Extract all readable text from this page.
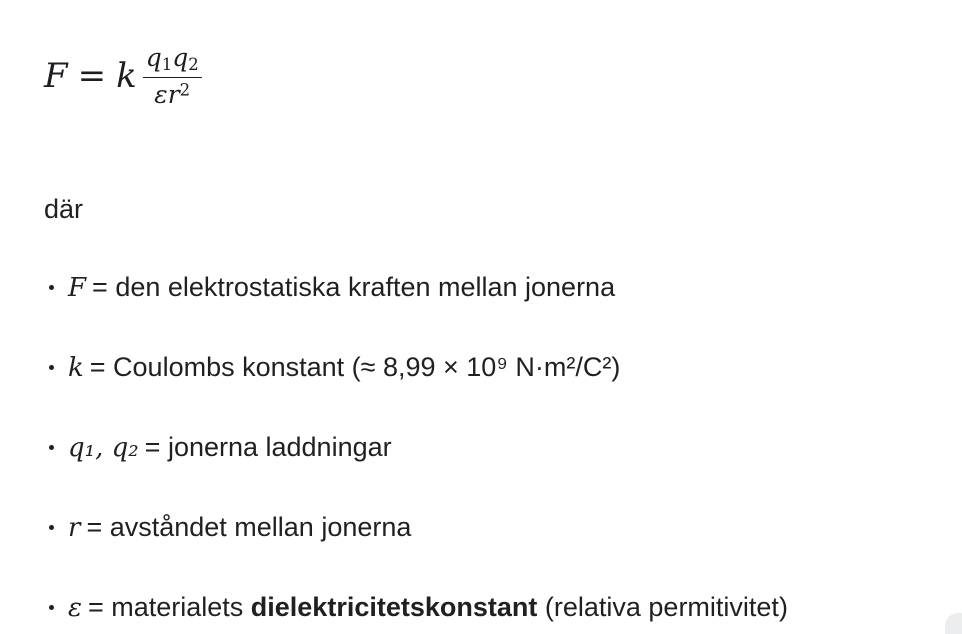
F = k $\frac{q_1q_2}{\varepsilon r^2}$

där

F = den elektrostatiska kraften mellan jonerna
k = Coulombs konstant (≈ 8,99 × 10⁹ N·m²/C²)
q₁, q₂ = jonerna laddningar
r = avståndet mellan jonerna
ε = materialets dielektricitetskonstant (relativa permitivitet)
